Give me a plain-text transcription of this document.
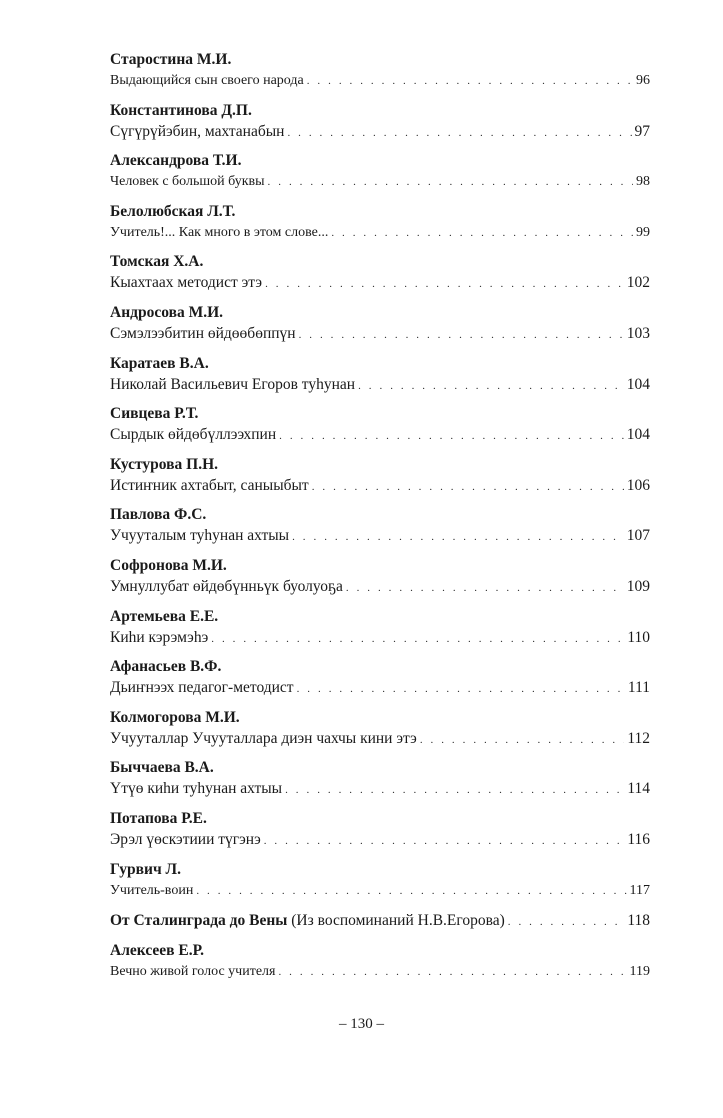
Старостина М.И.
Выдающийся сын своего народа . . .	96
Константинова Д.П.
Сүгүрүйэбин, махтанабын . . .	97
Александрова Т.И.
Человек с большой буквы . . .	98
Белолюбская Л.Т.
Учитель!... Как много в этом слове... . . .	99
Томская Х.А.
Кыахтаах методист этэ . . .	102
Андросова М.И.
Сэмэлээбитин өйдөөбөппүн . . .	103
Каратаев В.А.
Николай Васильевич Егоров туһунан . . .	104
Сивцева Р.Т.
Сырдык өйдөбүллээхпин . . .	104
Кустурова П.Н.
Истиҥник ахтабыт, саныыбыт . . .	106
Павлова Ф.С.
Учууталым туһунан ахтыы . . .	107
Софронова М.И.
Умнуллубат өйдөбүнньүк буолуоҕа . . .	109
Артемьева Е.Е.
Киһи кэрэмэһэ . . .	110
Афанасьев В.Ф.
Дьиҥнээх педагог-методист . . .	111
Колмогорова М.И.
Учууталлар Учууталлара диэн чахчы кини этэ . . .	112
Быччаева В.А.
Үтүө киһи туһунан ахтыы . . .	114
Потапова Р.Е.
Эрэл үөскэтиии түгэнэ . . .	116
Гурвич Л.
Учитель-воин . . .	117
От Сталинграда до Вены (Из воспоминаний Н.В.Егорова) . . .	118
Алексеев Е.Р.
Вечно живой голос учителя . . .	119
– 130 –
